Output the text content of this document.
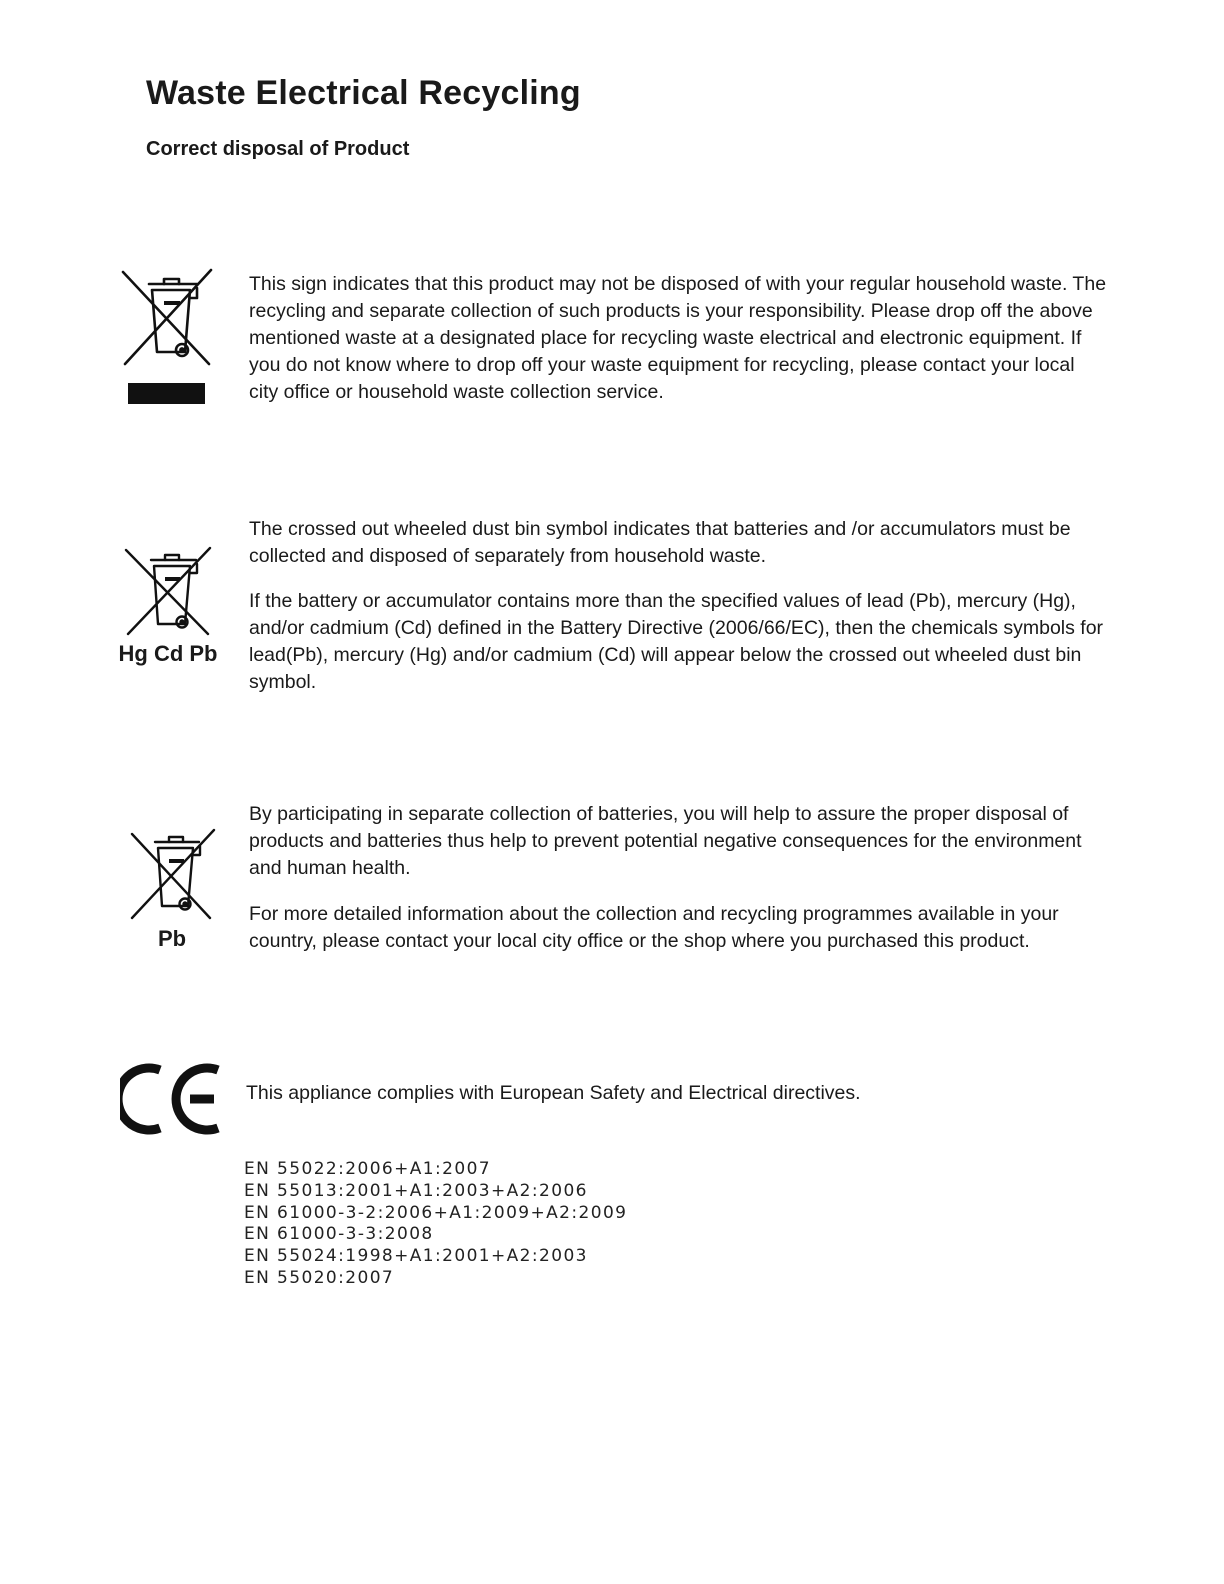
Waste Electrical Recycling
Correct disposal of Product

This sign indicates that this product may not be disposed of with your regular household waste. The recycling and separate collection of such products is your responsibility. Please drop off the above mentioned waste at a designated place for recycling waste electrical and electronic equipment. If you do not know where to drop off your waste equipment for recycling, please contact your local city office or household waste collection service.

Hg Cd Pb

The crossed out wheeled dust bin symbol indicates that batteries and /or accumulators must be collected and disposed of separately from household waste.

If the battery or accumulator contains more than the specified values of lead (Pb), mercury (Hg), and/or cadmium (Cd) defined in the Battery Directive (2006/66/EC), then the chemicals symbols for lead(Pb), mercury (Hg) and/or cadmium (Cd) will appear below the crossed out wheeled dust bin symbol.

Pb

By participating in separate collection of batteries, you will help to assure the proper disposal of products and batteries thus help to prevent potential negative consequences for the environment and human health.

For more detailed information about the collection and recycling programmes available in your country, please contact your local city office or the shop where you purchased this product.

This appliance complies with European Safety and Electrical directives.

EN 55022:2006+A1:2007
EN 55013:2001+A1:2003+A2:2006
EN 61000-3-2:2006+A1:2009+A2:2009
EN 61000-3-3:2008
EN 55024:1998+A1:2001+A2:2003
EN 55020:2007
